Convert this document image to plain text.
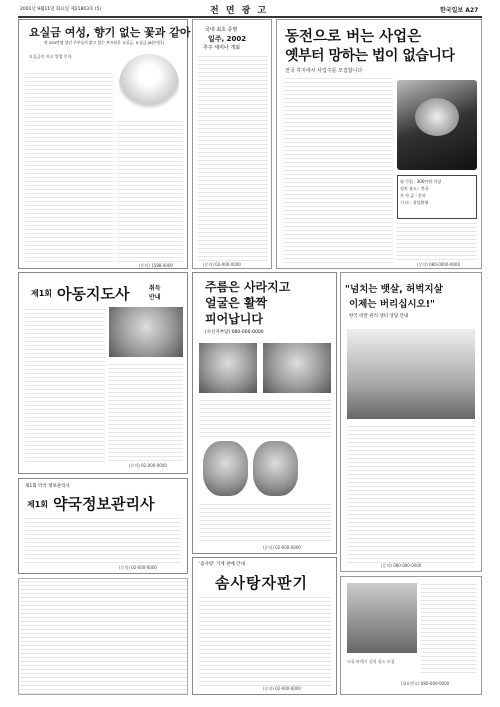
2001년 9월11일 화요일 제21803호 (5)	전 면 광 고	한국일보 A27
요실금 여성, 향기 없는 꽃과 같아
약 250만명 성인 주부들이 앓고 있는 부끄러운 요실금, 요실금 (6분이다)
요실금과 치료 방법 안내
(문의) 1588-0000
국내 최초 증명
일주, 2002
추주 세미나 개최
(문의) 02-000-0000
동전으로 버는 사업은
옛부터 망하는 법이 없습니다
전국 각지에서 사업주를 모집합니다
월 수입 : 300만원 이상
설치 장소 : 전국
투 자 금 : 문의
기 타 : 상담환영
(문의) 080-0000-0000
주름은 사라지고
얼굴은 활짝
피어납니다
(수신자부담) 080-000-0000
(문의) 02-000-0000
"넘치는 뱃살, 허벅지살
이제는 버리십시오!"
한국 비만 관리 센터 상담 안내
(문의) 080-000-0000
제1회 아동지도사	취득
안내
(문의) 02-000-0000
제1회 약국 정보관리사
제1회 약국정보관리사
(문의) 02-000-0000
'솜사탕' 기계 판매 안내
솜사탕자판기
(문의) 02-000-0000
소형 판매기 설치 장소 모집
(대표번호) 080-000-0000
